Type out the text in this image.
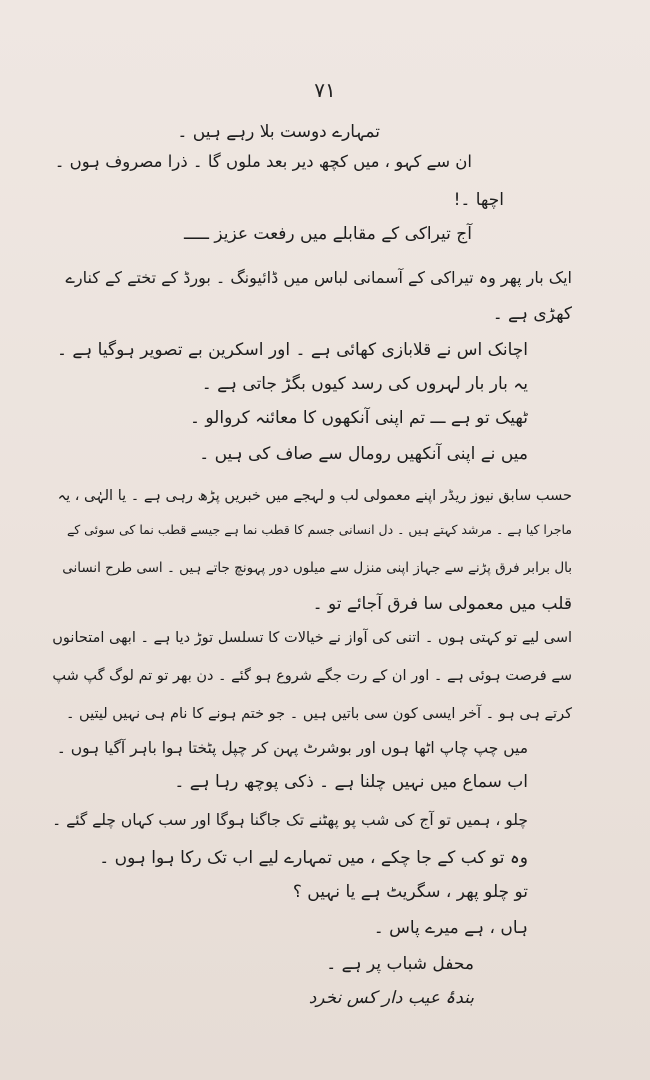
۷۱
تمہارے دوست بلا رہے ہیں ۔
ان سے کہو ، میں کچھ دیر بعد ملوں گا ۔ ذرا مصروف ہوں ۔
اچھا ۔!
آج تیراکی کے مقابلے میں رفعت عزیز ـــــ
ایک بار پھر وہ تیراکی کے آسمانی لباس میں ڈائیونگ ۔ بورڈ کے تختے کے کنارے
کھڑی ہے ۔
اچانک اس نے قلابازی کھائی ہے ۔ اور اسکرین بے تصویر ہوگیا ہے ۔
یہ بار بار لہروں کی رسد کیوں بگڑ جاتی ہے ۔
ٹھیک تو ہے ـــ تم اپنی آنکھوں کا معائنہ کروالو ۔
میں نے اپنی آنکھیں رومال سے صاف کی ہیں ۔
حسب سابق نیوز ریڈر اپنے معمولی لب و لہجے میں خبریں پڑھ رہی ہے ۔ یا الہٰی ، یہ
ماجرا کیا ہے ۔ مرشد کہتے ہیں ۔ دل انسانی جسم کا قطب نما ہے جیسے قطب نما کی سوئی کے
بال برابر فرق پڑنے سے جہاز اپنی منزل سے میلوں دور پہونچ جاتے ہیں ۔ اسی طرح انسانی
قلب میں معمولی سا فرق آجائے تو ۔
اسی لیے تو کہتی ہوں ۔ اتنی کی آواز نے خیالات کا تسلسل توڑ دیا ہے ۔ ابھی امتحانوں
سے فرصت ہوئی ہے ۔ اور ان کے رت جگے شروع ہو گئے ۔ دن بھر تو تم لوگ گپ شپ
کرتے ہی ہو ۔ آخر ایسی کون سی باتیں ہیں ۔ جو ختم ہونے کا نام ہی نہیں لیتیں ۔
میں چپ چاپ اٹھا ہوں اور بوشرٹ پہن کر چپل پٹختا ہوا باہر آگیا ہوں ۔
اب سماع میں نہیں چلنا ہے ۔ ذکی پوچھ رہا ہے ۔
چلو ، ہمیں تو آج کی شب پو پھٹنے تک جاگنا ہوگا اور سب کہاں چلے گئے ۔
وہ تو کب کے جا چکے ، میں تمہارے لیے اب تک رکا ہوا ہوں ۔
تو چلو پھر ، سگریٹ ہے یا نہیں ؟
ہاں ، ہے میرے پاس ۔
محفل شباب پر ہے ۔
بندۂ عیب دار کس نخرد
